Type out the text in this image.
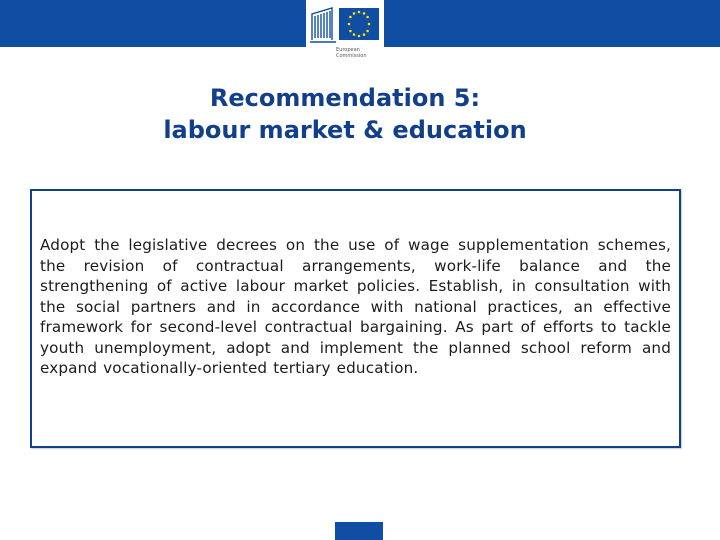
European Commission
Recommendation 5:
labour market & education
Adopt the legislative decrees on the use of wage supplementation schemes, the revision of contractual arrangements, work-life balance and the strengthening of active labour market policies. Establish, in consultation with the social partners and in accordance with national practices, an effective framework for second-level contractual bargaining. As part of efforts to tackle youth unemployment, adopt and implement the planned school reform and expand vocationally-oriented tertiary education.
